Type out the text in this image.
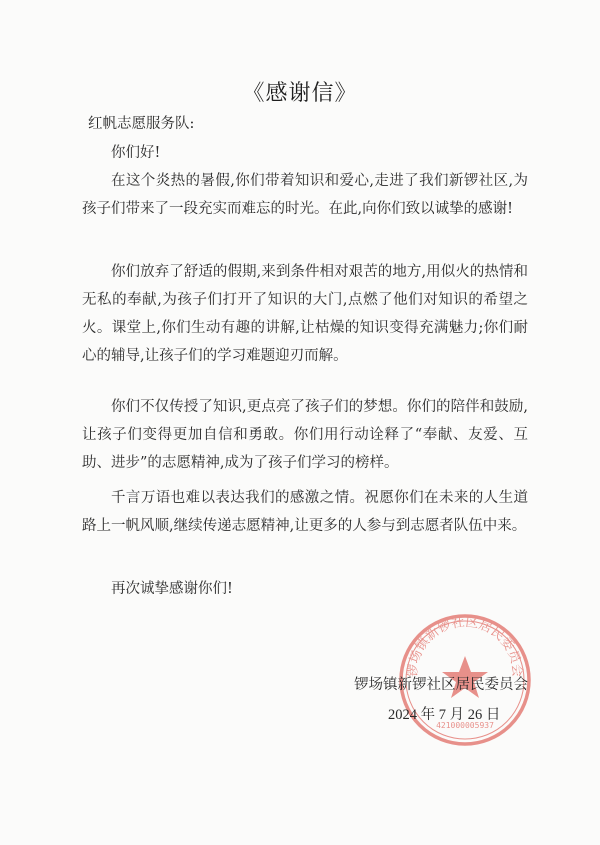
《感谢信》
红帆志愿服务队:

你们好!

在这个炎热的暑假,你们带着知识和爱心,走进了我们新锣社区,为孩子们带来了一段充实而难忘的时光。在此,向你们致以诚挚的感谢!

你们放弃了舒适的假期,来到条件相对艰苦的地方,用似火的热情和无私的奉献,为孩子们打开了知识的大门,点燃了他们对知识的希望之火。课堂上,你们生动有趣的讲解,让枯燥的知识变得充满魅力;你们耐心的辅导,让孩子们的学习难题迎刃而解。

你们不仅传授了知识,更点亮了孩子们的梦想。你们的陪伴和鼓励,让孩子们变得更加自信和勇敢。你们用行动诠释了“奉献、友爱、互助、进步”的志愿精神,成为了孩子们学习的榜样。

千言万语也难以表达我们的感激之情。祝愿你们在未来的人生道路上一帆风顺,继续传递志愿精神,让更多的人参与到志愿者队伍中来。

再次诚挚感谢你们!

锣场镇新锣社区居民委员会
421000005937
锣场镇新锣社区居民委员会
2024 年 7 月 26 日
